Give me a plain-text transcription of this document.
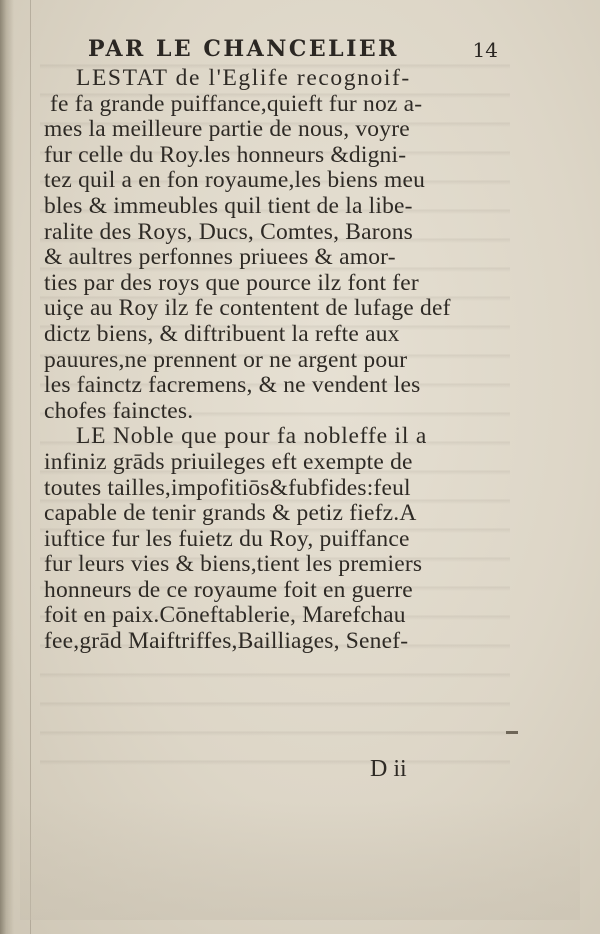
PAR LE CHANCELIER	14
LESTAT de l'Eglife recognoif-
fe fa grande puiffance,quieft fur noz a-
mes la meilleure partie de nous, voyre
fur celle du Roy.les honneurs &digni-
tez quil a en fon royaume,les biens meu
bles & immeubles quil tient de la libe-
ralite des Roys, Ducs, Comtes, Barons
& aultres perfonnes priuees & amor-
ties par des roys que pource ilz font fer
uiçe au Roy ilz fe contentent de lufage def
dictz biens, & diftribuent la refte aux
pauures,ne prennent or ne argent pour
les fainctz facremens, & ne vendent les
chofes fainctes.
LE Noble que pour fa nobleffe il a
infiniz grāds priuileges eft exempte de
toutes tailles,impofitiōs&fubfides:feul
capable de tenir grands & petiz fiefz.A
iuftice fur les fuietz du Roy, puiffance
fur leurs vies & biens,tient les premiers
honneurs de ce royaume foit en guerre
foit en paix.Cōneftablerie, Marefchau
fee,grād Maiftriffes,Bailliages, Senef-
D ii
